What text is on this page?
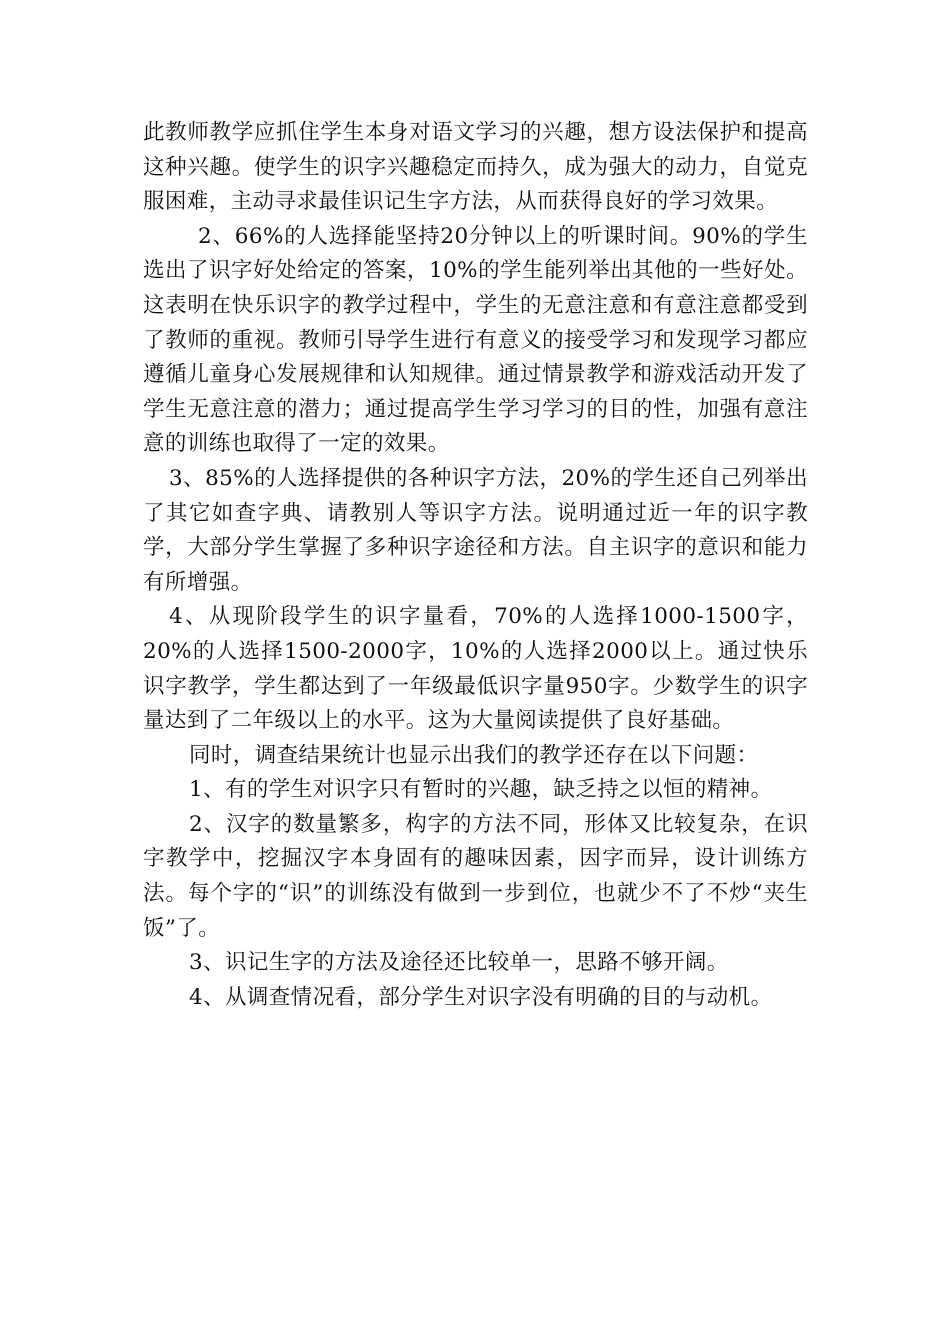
此教师教学应抓住学生本身对语文学习的兴趣，想方设法保护和提高这种兴趣。使学生的识字兴趣稳定而持久，成为强大的动力，自觉克服困难，主动寻求最佳识记生字方法，从而获得良好的学习效果。

2、66%的人选择能坚持20分钟以上的听课时间。90%的学生选出了识字好处给定的答案，10%的学生能列举出其他的一些好处。这表明在快乐识字的教学过程中，学生的无意注意和有意注意都受到了教师的重视。教师引导学生进行有意义的接受学习和发现学习都应遵循儿童身心发展规律和认知规律。通过情景教学和游戏活动开发了学生无意注意的潜力；通过提高学生学习学习的目的性，加强有意注意的训练也取得了一定的效果。

3、85%的人选择提供的各种识字方法，20%的学生还自己列举出了其它如查字典、请教别人等识字方法。说明通过近一年的识字教学，大部分学生掌握了多种识字途径和方法。自主识字的意识和能力有所增强。

4、从现阶段学生的识字量看，70%的人选择1000-1500字，20%的人选择1500-2000字，10%的人选择2000以上。通过快乐识字教学，学生都达到了一年级最低识字量950字。少数学生的识字量达到了二年级以上的水平。这为大量阅读提供了良好基础。

同时，调查结果统计也显示出我们的教学还存在以下问题：

1、有的学生对识字只有暂时的兴趣，缺乏持之以恒的精神。

2、汉字的数量繁多，构字的方法不同，形体又比较复杂，在识字教学中，挖掘汉字本身固有的趣味因素，因字而异，设计训练方法。每个字的“识”的训练没有做到一步到位，也就少不了不炒“夹生饭”了。

3、识记生字的方法及途径还比较单一，思路不够开阔。

4、从调查情况看，部分学生对识字没有明确的目的与动机。
